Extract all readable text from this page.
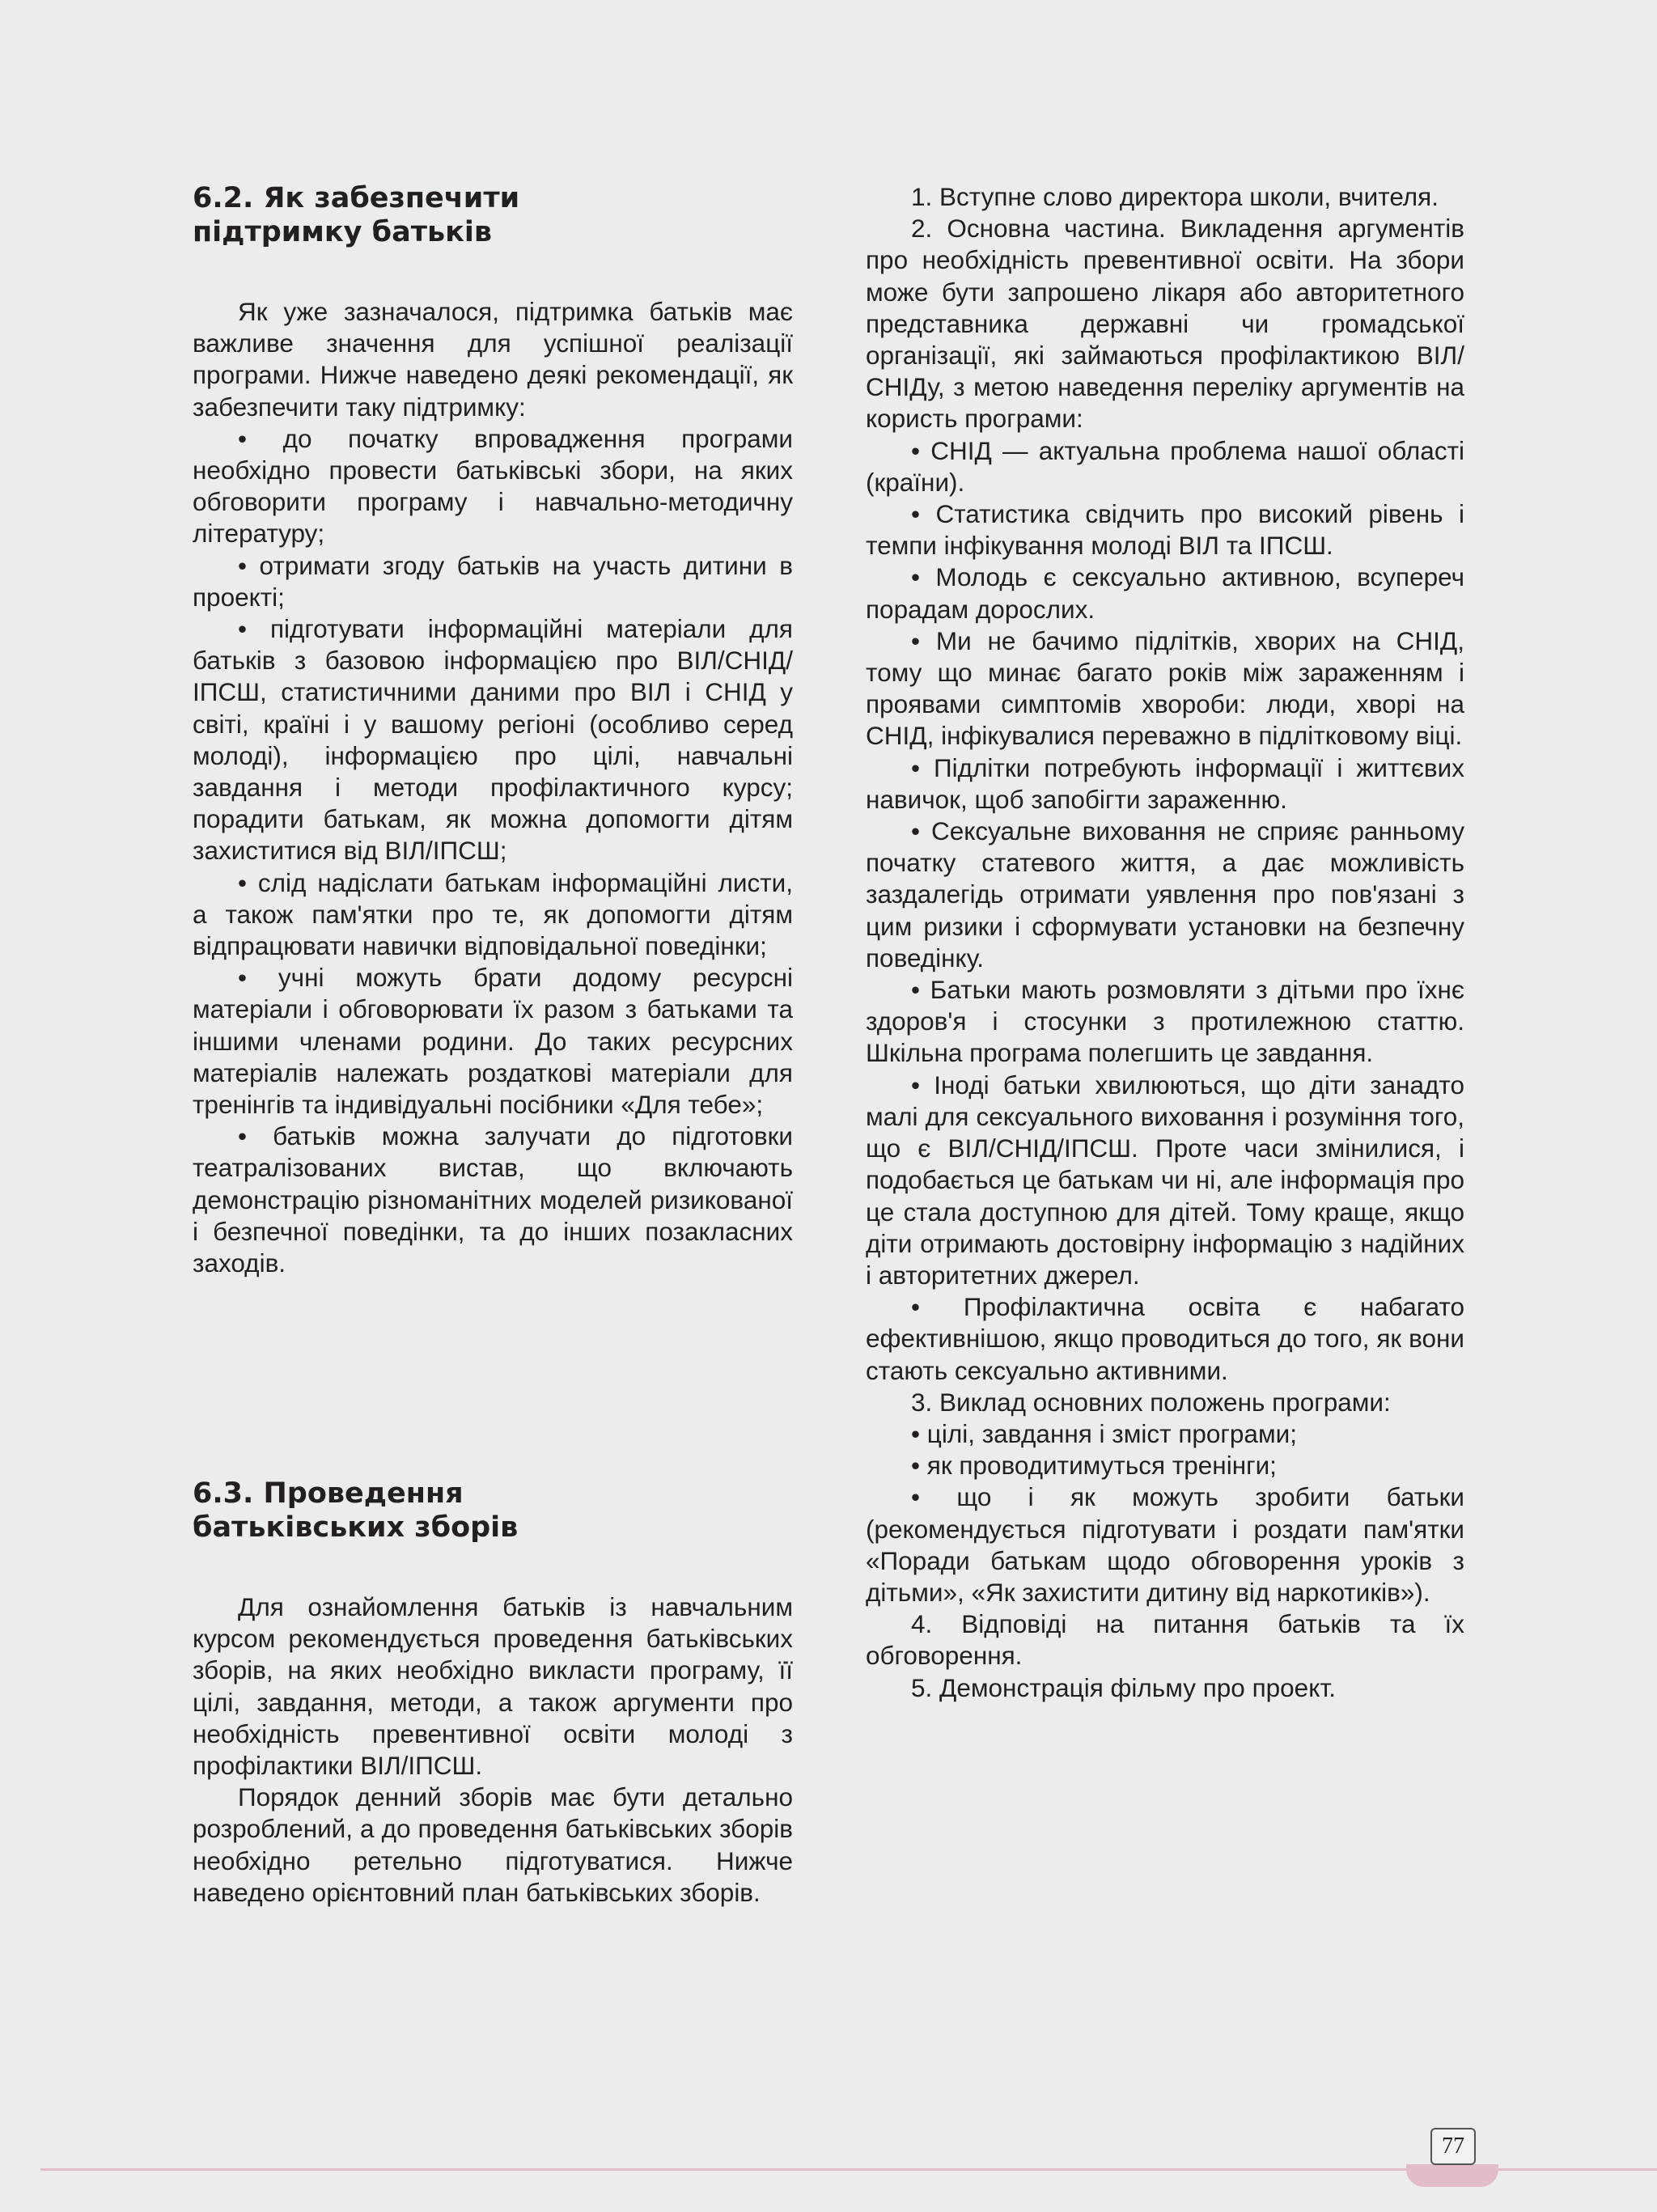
6.2. Як забезпечити
підтримку батьків

Як уже зазначалося, підтримка батьків має важливе значення для успішної реалізації програми. Нижче наведено деякі рекомендації, як забезпечити таку підтримку:

• до початку впровадження програми необхідно провести батьківські збори, на яких обговорити програму і навчально-методичну літературу;

• отримати згоду батьків на участь дитини в проекті;

• підготувати інформаційні матеріали для батьків з базовою інформацією про ВІЛ/СНІД/ІПСШ, статистичними даними про ВІЛ і СНІД у світі, країні і у вашому регіоні (особливо серед молоді), інформацією про цілі, навчальні завдання і методи профілактичного курсу; порадити батькам, як можна допомогти дітям захиститися від ВІЛ/ІПСШ;

• слід надіслати батькам інформаційні листи, а також пам'ятки про те, як допомогти дітям відпрацювати навички відповідальної поведінки;

• учні можуть брати додому ресурсні матеріали і обговорювати їх разом з батьками та іншими членами родини. До таких ресурсних матеріалів належать роздаткові матеріали для тренінгів та індивідуальні посібники «Для тебе»;

• батьків можна залучати до підготовки театралізованих вистав, що включають демонстрацію різноманітних моделей ризикованої і безпечної поведінки, та до інших позакласних заходів.

6.3. Проведення
батьківських зборів

Для ознайомлення батьків із навчальним курсом рекомендується проведення батьківських зборів, на яких необхідно викласти програму, її цілі, завдання, методи, а також аргументи про необхідність превентивної освіти молоді з профілактики ВІЛ/ІПСШ.

Порядок денний зборів має бути детально розроблений, а до проведення батьківських зборів необхідно ретельно підготуватися. Нижче наведено орієнтовний план батьківських зборів.

1. Вступне слово директора школи, вчителя.

2. Основна частина. Викладення аргументів про необхідність превентивної освіти. На збори може бути запрошено лікаря або авторитетного представника державні чи громадської організації, які займаються профілактикою ВІЛ/СНІДу, з метою наведення переліку аргументів на користь програми:

• СНІД — актуальна проблема нашої області (країни).

• Статистика свідчить про високий рівень і темпи інфікування молоді ВІЛ та ІПСШ.

• Молодь є сексуально активною, всупереч порадам дорослих.

• Ми не бачимо підлітків, хворих на СНІД, тому що минає багато років між зараженням і проявами симптомів хвороби: люди, хворі на СНІД, інфікувалися переважно в підлітковому віці.

• Підлітки потребують інформації і життєвих навичок, щоб запобігти зараженню.

• Сексуальне виховання не сприяє ранньому початку статевого життя, а дає можливість заздалегідь отримати уявлення про пов'язані з цим ризики і сформувати установки на безпечну поведінку.

• Батьки мають розмовляти з дітьми про їхнє здоров'я і стосунки з протилежною статтю. Шкільна програма полегшить це завдання.

• Іноді батьки хвилюються, що діти занадто малі для сексуального виховання і розуміння того, що є ВІЛ/СНІД/ІПСШ. Проте часи змінилися, і подобається це батькам чи ні, але інформація про це стала доступною для дітей. Тому краще, якщо діти отримають достовірну інформацію з надійних і авторитетних джерел.

• Профілактична освіта є набагато ефективнішою, якщо проводиться до того, як вони стають сексуально активними.

3. Виклад основних положень програми:

• цілі, завдання і зміст програми;

• як проводитимуться тренінги;

• що і як можуть зробити батьки (рекомендується підготувати і роздати пам'ятки «Поради батькам щодо обговорення уроків з дітьми», «Як захистити дитину від наркотиків»).

4. Відповіді на питання батьків та їх обговорення.

5. Демонстрація фільму про проект.

77
